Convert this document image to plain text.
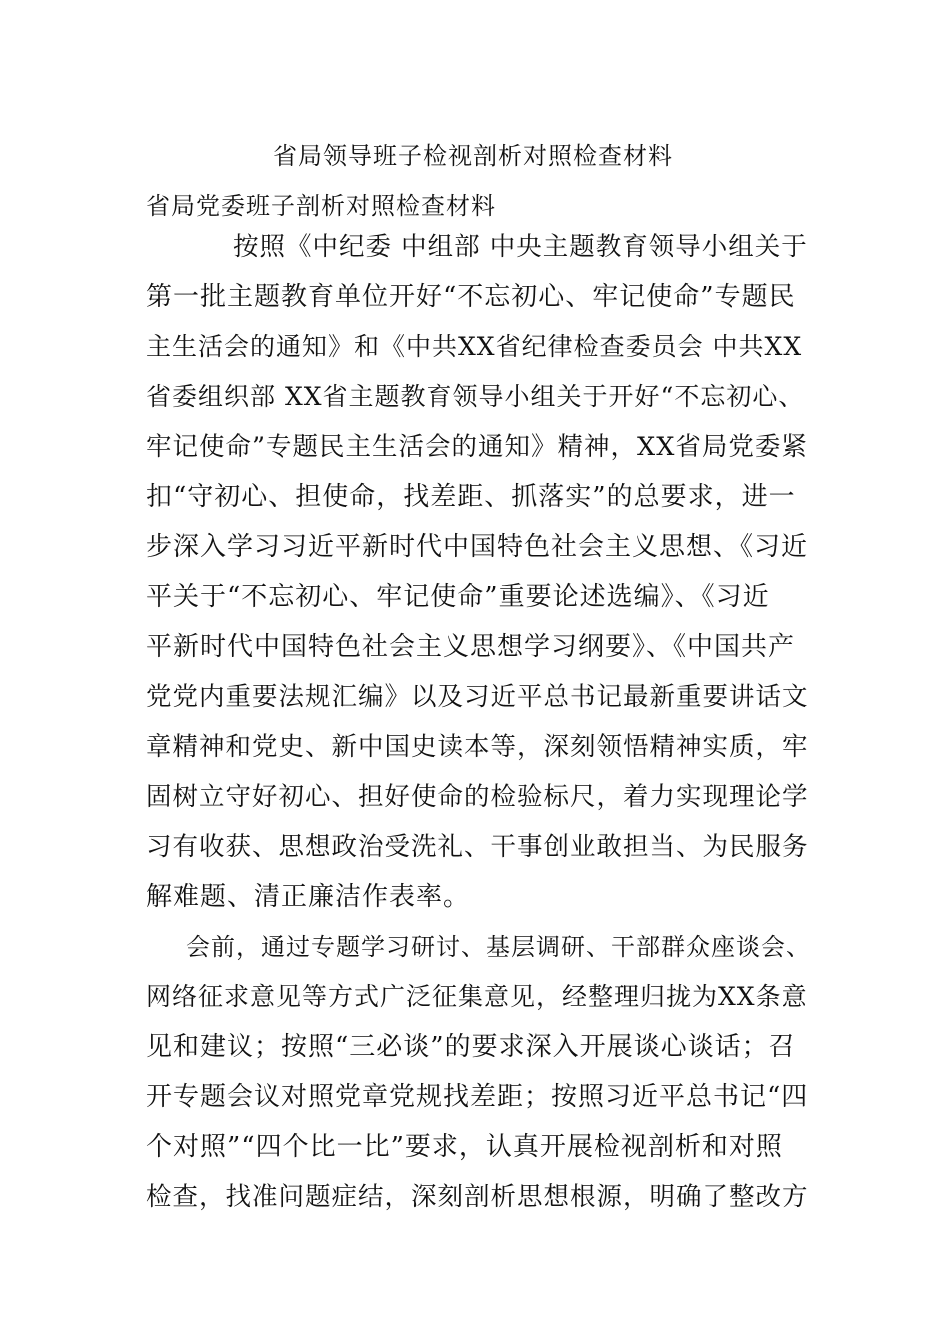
省局领导班子检视剖析对照检查材料
省局党委班子剖析对照检查材料
按照《中纪委 中组部 中央主题教育领导小组关于
第一批主题教育单位开好“不忘初心、牢记使命”专题民
主生活会的通知》和《中共XX省纪律检查委员会 中共XX
省委组织部 XX省主题教育领导小组关于开好“不忘初心、
牢记使命”专题民主生活会的通知》精神，XX省局党委紧
扣“守初心、担使命，找差距、抓落实”的总要求，进一
步深入学习习近平新时代中国特色社会主义思想、《习近
平关于“不忘初心、牢记使命”重要论述选编》、《习近
平新时代中国特色社会主义思想学习纲要》、《中国共产
党党内重要法规汇编》以及习近平总书记最新重要讲话文
章精神和党史、新中国史读本等，深刻领悟精神实质，牢
固树立守好初心、担好使命的检验标尺，着力实现理论学
习有收获、思想政治受洗礼、干事创业敢担当、为民服务
解难题、清正廉洁作表率。
会前，通过专题学习研讨、基层调研、干部群众座谈会、
网络征求意见等方式广泛征集意见，经整理归拢为XX条意
见和建议；按照“三必谈”的要求深入开展谈心谈话；召
开专题会议对照党章党规找差距；按照习近平总书记“四
个对照”“四个比一比”要求，认真开展检视剖析和对照
检查，找准问题症结，深刻剖析思想根源，明确了整改方
